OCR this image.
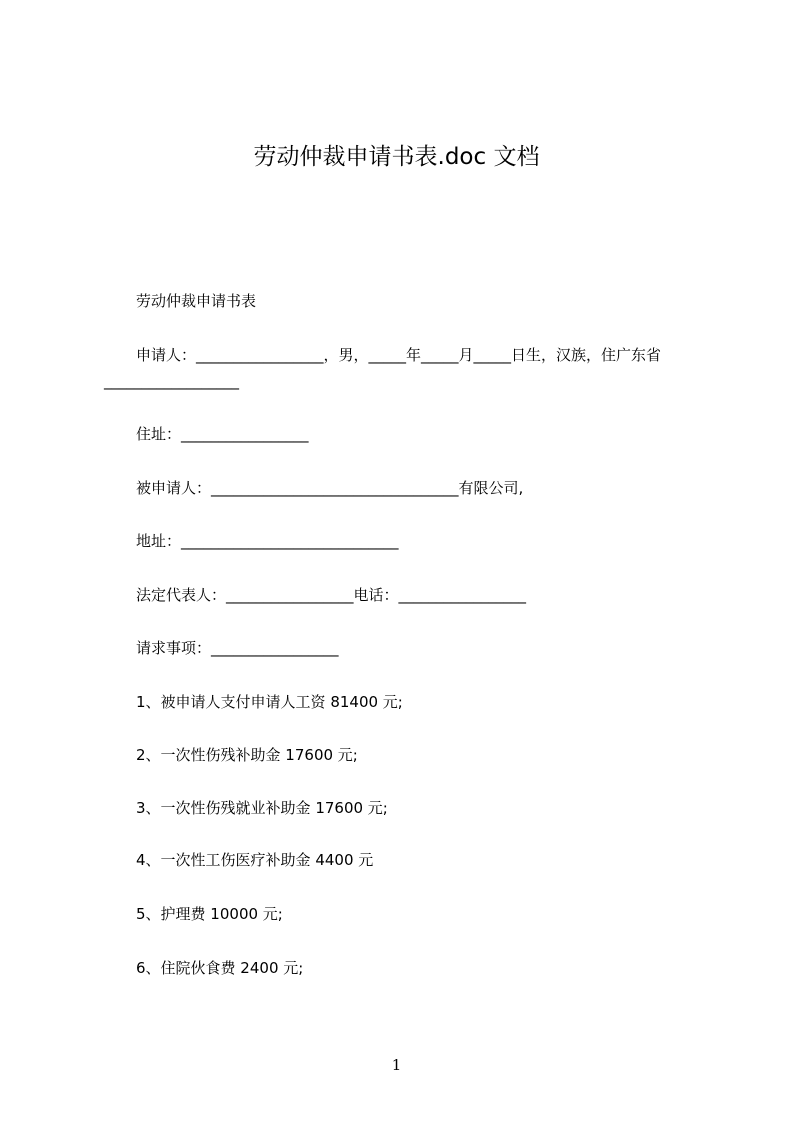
劳动仲裁申请书表.doc 文档
劳动仲裁申请书表
申请人：_________________，男，_____年_____月_____日生，汉族，住广东省
__________________
住址：_________________
被申请人：_________________________________有限公司,
地址：_____________________________
法定代表人：_________________电话：_________________
请求事项：_________________
1、被申请人支付申请人工资 81400 元;
2、一次性伤残补助金 17600 元;
3、一次性伤残就业补助金 17600 元;
4、一次性工伤医疗补助金 4400 元
5、护理费 10000 元;
6、住院伙食费 2400 元;
1
